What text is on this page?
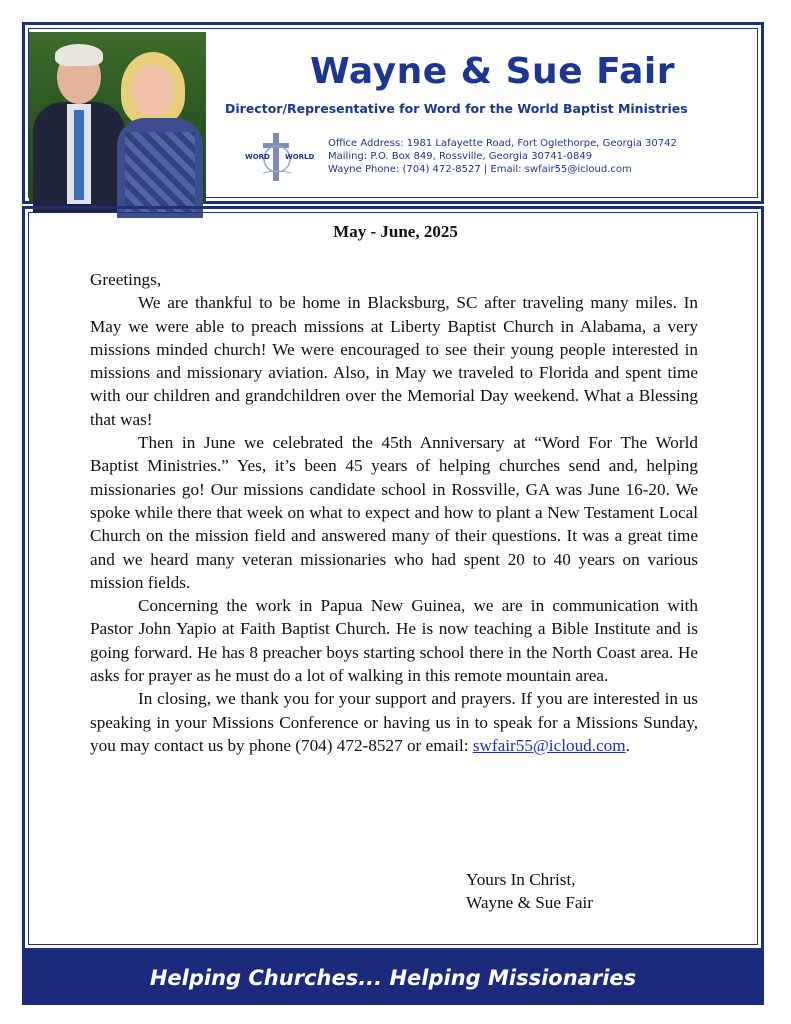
Wayne & Sue Fair

Director/Representative for Word for the World Baptist Ministries

WORD WORLD
Office Address: 1981 Lafayette Road, Fort Oglethorpe, Georgia 30742
Mailing: P.O. Box 849, Rossville, Georgia 30741-0849
Wayne Phone: (704) 472-8527 | Email: swfair55@icloud.com

May - June, 2025

Greetings,

We are thankful to be home in Blacksburg, SC after traveling many miles. In May we were able to preach missions at Liberty Baptist Church in Alabama, a very missions minded church! We were encouraged to see their young people interested in missions and missionary aviation. Also, in May we traveled to Florida and spent time with our children and grandchildren over the Memorial Day weekend. What a Blessing that was!

Then in June we celebrated the 45th Anniversary at “Word For The World Baptist Ministries.” Yes, it’s been 45 years of helping churches send and, helping missionaries go! Our missions candidate school in Rossville, GA was June 16-20. We spoke while there that week on what to expect and how to plant a New Testament Local Church on the mission field and answered many of their questions. It was a great time and we heard many veteran missionaries who had spent 20 to 40 years on various mission fields.

Concerning the work in Papua New Guinea, we are in communication with Pastor John Yapio at Faith Baptist Church. He is now teaching a Bible Institute and is going forward. He has 8 preacher boys starting school there in the North Coast area. He asks for prayer as he must do a lot of walking in this remote mountain area.

In closing, we thank you for your support and prayers. If you are interested in us speaking in your Missions Conference or having us in to speak for a Missions Sunday, you may contact us by phone (704) 472-8527 or email: swfair55@icloud.com.

Yours In Christ,
Wayne & Sue Fair
Helping Churches... Helping Missionaries
